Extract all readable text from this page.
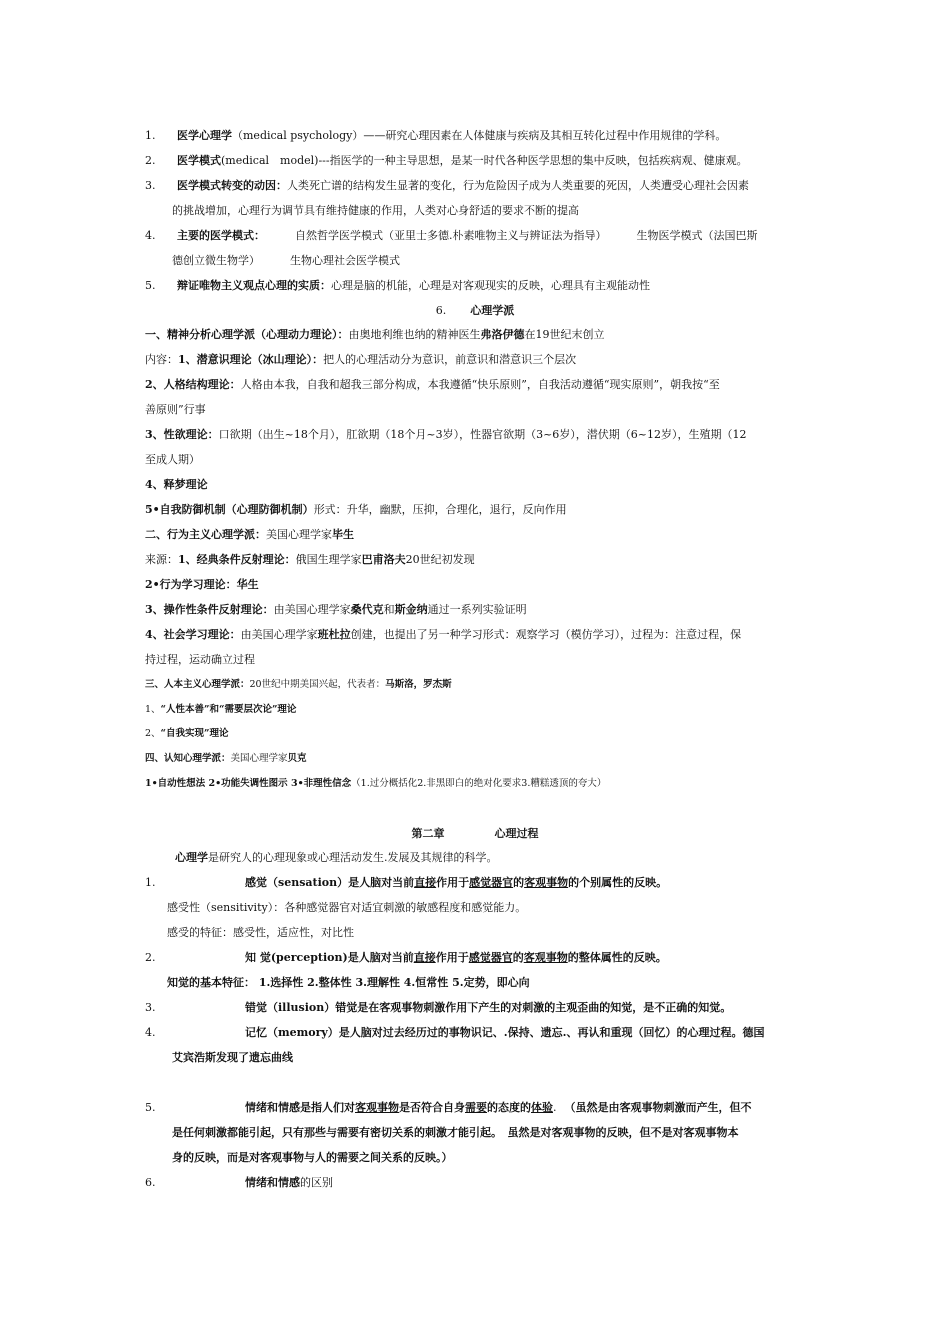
1. 医学心理学（medical psychology）——研究心理因素在人体健康与疾病及其相互转化过程中作用规律的学科。
2. 医学模式(medical　model)---指医学的一种主导思想，是某一时代各种医学思想的集中反映，包括疾病观、健康观。
3. 医学模式转变的动因：人类死亡谱的结构发生显著的变化，行为危险因子成为人类重要的死因，人类遭受心理社会因素
的挑战增加，心理行为调节具有维持健康的作用，人类对心身舒适的要求不断的提高
4. 主要的医学模式：	自然哲学医学模式（亚里士多德.朴素唯物主义与辨证法为指导）	生物医学模式（法国巴斯
德创立微生物学）	生物心理社会医学模式
5. 辩证唯物主义观点心理的实质：心理是脑的机能，心理是对客观现实的反映，心理具有主观能动性
6. 心理学派
一、精神分析心理学派（心理动力理论）：由奥地利维也纳的精神医生弗洛伊德在19世纪末创立
内容：1、潜意识理论（冰山理论）：把人的心理活动分为意识，前意识和潜意识三个层次
2、人格结构理论：人格由本我，自我和超我三部分构成，本我遵循“快乐原则”，自我活动遵循“现实原则”，朝我按“至
善原则”行事
3、性欲理论：口欲期（出生~18个月），肛欲期（18个月~3岁），性器官欲期（3~6岁），潜伏期（6~12岁），生殖期（12
至成人期）
4、释梦理论
5•自我防御机制（心理防御机制）形式：升华，幽默，压抑，合理化，退行，反向作用
二、行为主义心理学派：美国心理学家毕生
来源：1、经典条件反射理论：俄国生理学家巴甫洛夫20世纪初发现
2•行为学习理论：华生
3、操作性条件反射理论：由美国心理学家桑代克和斯金纳通过一系列实验证明
4、社会学习理论：由美国心理学家班杜拉创建，也提出了另一种学习形式：观察学习（模仿学习），过程为：注意过程，保
持过程，运动确立过程
三、人本主义心理学派：20世纪中期美国兴起，代表者：马斯洛，罗杰斯
1、“人性本善”和“需要层次论”理论
2、“自我实现”理论
四、认知心理学派：美国心理学家贝克
1•自动性想法 2•功能失调性图示 3•非理性信念（1.过分概括化2.非黑即白的绝对化要求3.糟糕透顶的夸大）
第二章	心理过程
心理学是研究人的心理现象或心理活动发生.发展及其规律的科学。
1.	感觉（sensation）是人脑对当前直接作用于感觉器官的客观事物的个别属性的反映。
感受性（sensitivity）：各种感觉器官对适宜刺激的敏感程度和感觉能力。
感受的特征：感受性，适应性，对比性
2.	知 觉(perception)是人脑对当前直接作用于感觉器官的客观事物的整体属性的反映。
知觉的基本特征： 1.选择性 2.整体性 3.理解性 4.恒常性 5.定势，即心向
3.	错觉（illusion）错觉是在客观事物刺激作用下产生的对刺激的主观歪曲的知觉，是不正确的知觉。
4.	记忆（memory）是人脑对过去经历过的事物识记、.保持、遗忘.、再认和重现（回忆）的心理过程。德国
艾宾浩斯发现了遗忘曲线
5.	情绪和情感是指人们对客观事物是否符合自身需要的态度的体验. （虽然是由客观事物刺激而产生，但不
是任何刺激都能引起，只有那些与需要有密切关系的刺激才能引起。　虽然是对客观事物的反映，但不是对客观事物本
身的反映，而是对客观事物与人的需要之间关系的反映。）
6.	情绪和情感的区别
